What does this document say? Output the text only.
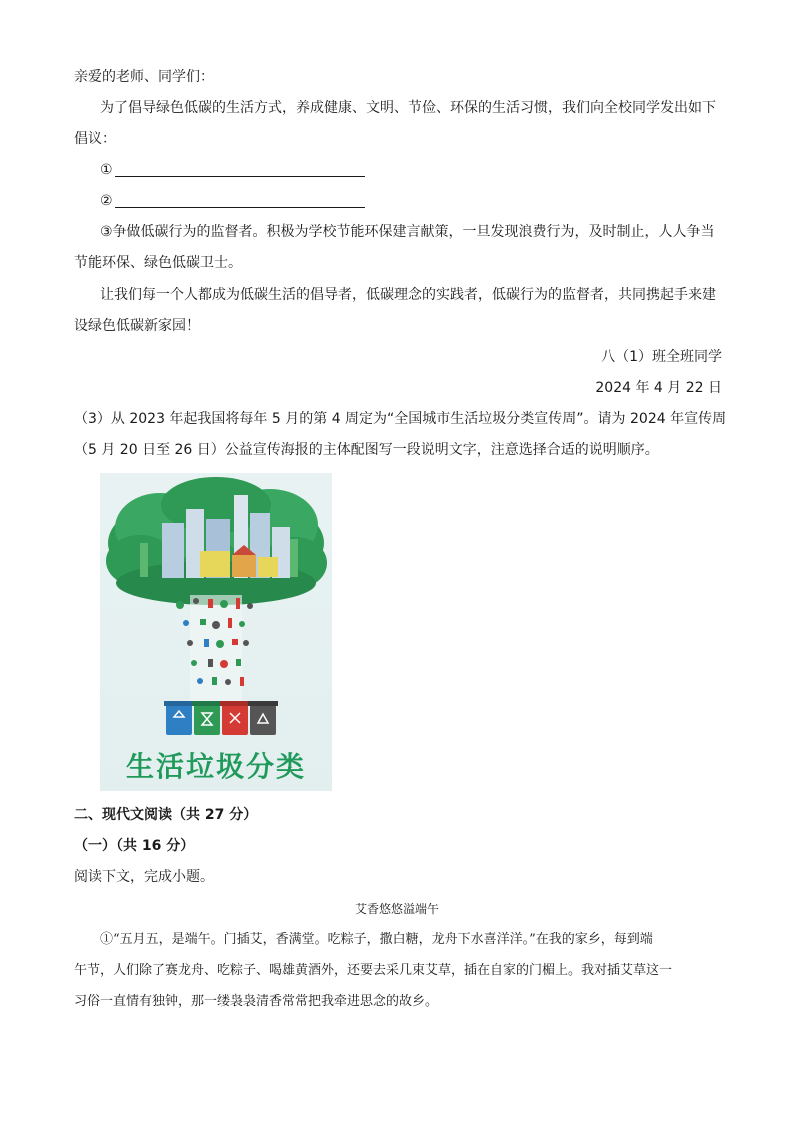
亲爱的老师、同学们：
为了倡导绿色低碳的生活方式，养成健康、文明、节俭、环保的生活习惯，我们向全校同学发出如下
倡议：
①
②
③争做低碳行为的监督者。积极为学校节能环保建言献策，一旦发现浪费行为，及时制止，人人争当
节能环保、绿色低碳卫士。
让我们每一个人都成为低碳生活的倡导者，低碳理念的实践者，低碳行为的监督者，共同携起手来建
设绿色低碳新家园！
八（1）班全班同学
2024 年 4 月 22 日
（3）从 2023 年起我国将每年 5 月的第 4 周定为“全国城市生活垃圾分类宣传周”。请为 2024 年宣传周
（5 月 20 日至 26 日）公益宣传海报的主体配图写一段说明文字，注意选择合适的说明顺序。
生活垃圾分类
二、现代文阅读（共 27 分）
（一）（共 16 分）
阅读下文，完成小题。
艾香悠悠溢端午
①“五月五，是端午。门插艾，香满堂。吃粽子，撒白糖，龙舟下水喜洋洋。”在我的家乡，每到端
午节，人们除了赛龙舟、吃粽子、喝雄黄酒外，还要去采几束艾草，插在自家的门楣上。我对插艾草这一
习俗一直情有独钟，那一缕袅袅清香常常把我牵进思念的故乡。
